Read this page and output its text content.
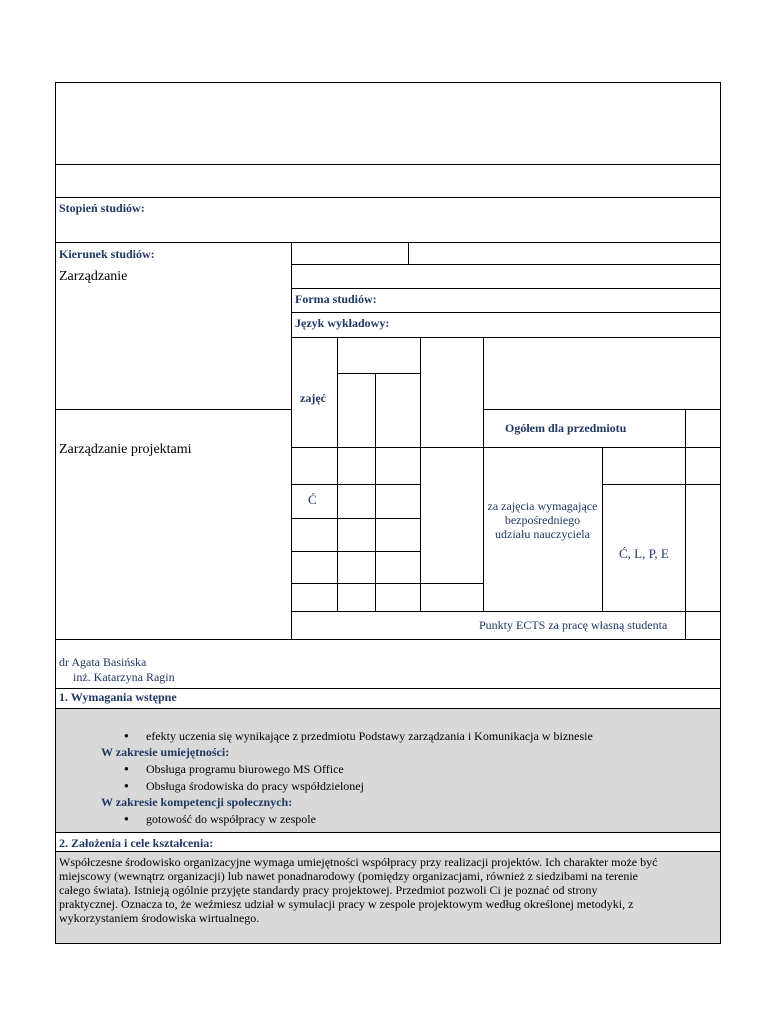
Stopień studiów:
Kierunek studiów:
Zarządzanie
Forma studiów:
Język wykładowy:
zajęć
Zarządzanie projektami
Ogółem dla przedmiotu
Ć	za zajęcia wymagające bezpośredniego udziału nauczyciela
Ć, L, P, E
Punkty ECTS za pracę własną studenta
dr Agata Basińska
inż. Katarzyna Ragin
1. Wymagania wstępne
● efekty uczenia się wynikające z przedmiotu Podstawy zarządzania i Komunikacja w biznesie
W zakresie umiejętności:
● Obsługa programu biurowego MS Office
● Obsługa środowiska do pracy współdzielonej
W zakresie kompetencji społecznych:
● gotowość do współpracy w zespole
2. Założenia i cele kształcenia:
Współczesne środowisko organizacyjne wymaga umiejętności współpracy przy realizacji projektów. Ich charakter może być
miejscowy (wewnątrz organizacji) lub nawet ponadnarodowy (pomiędzy organizacjami, również z siedzibami na terenie
całego świata). Istnieją ogólnie przyjęte standardy pracy projektowej. Przedmiot pozwoli Ci je poznać od strony
praktycznej. Oznacza to, że weźmiesz udział w symulacji pracy w zespole projektowym według określonej metodyki, z
wykorzystaniem środowiska wirtualnego.
